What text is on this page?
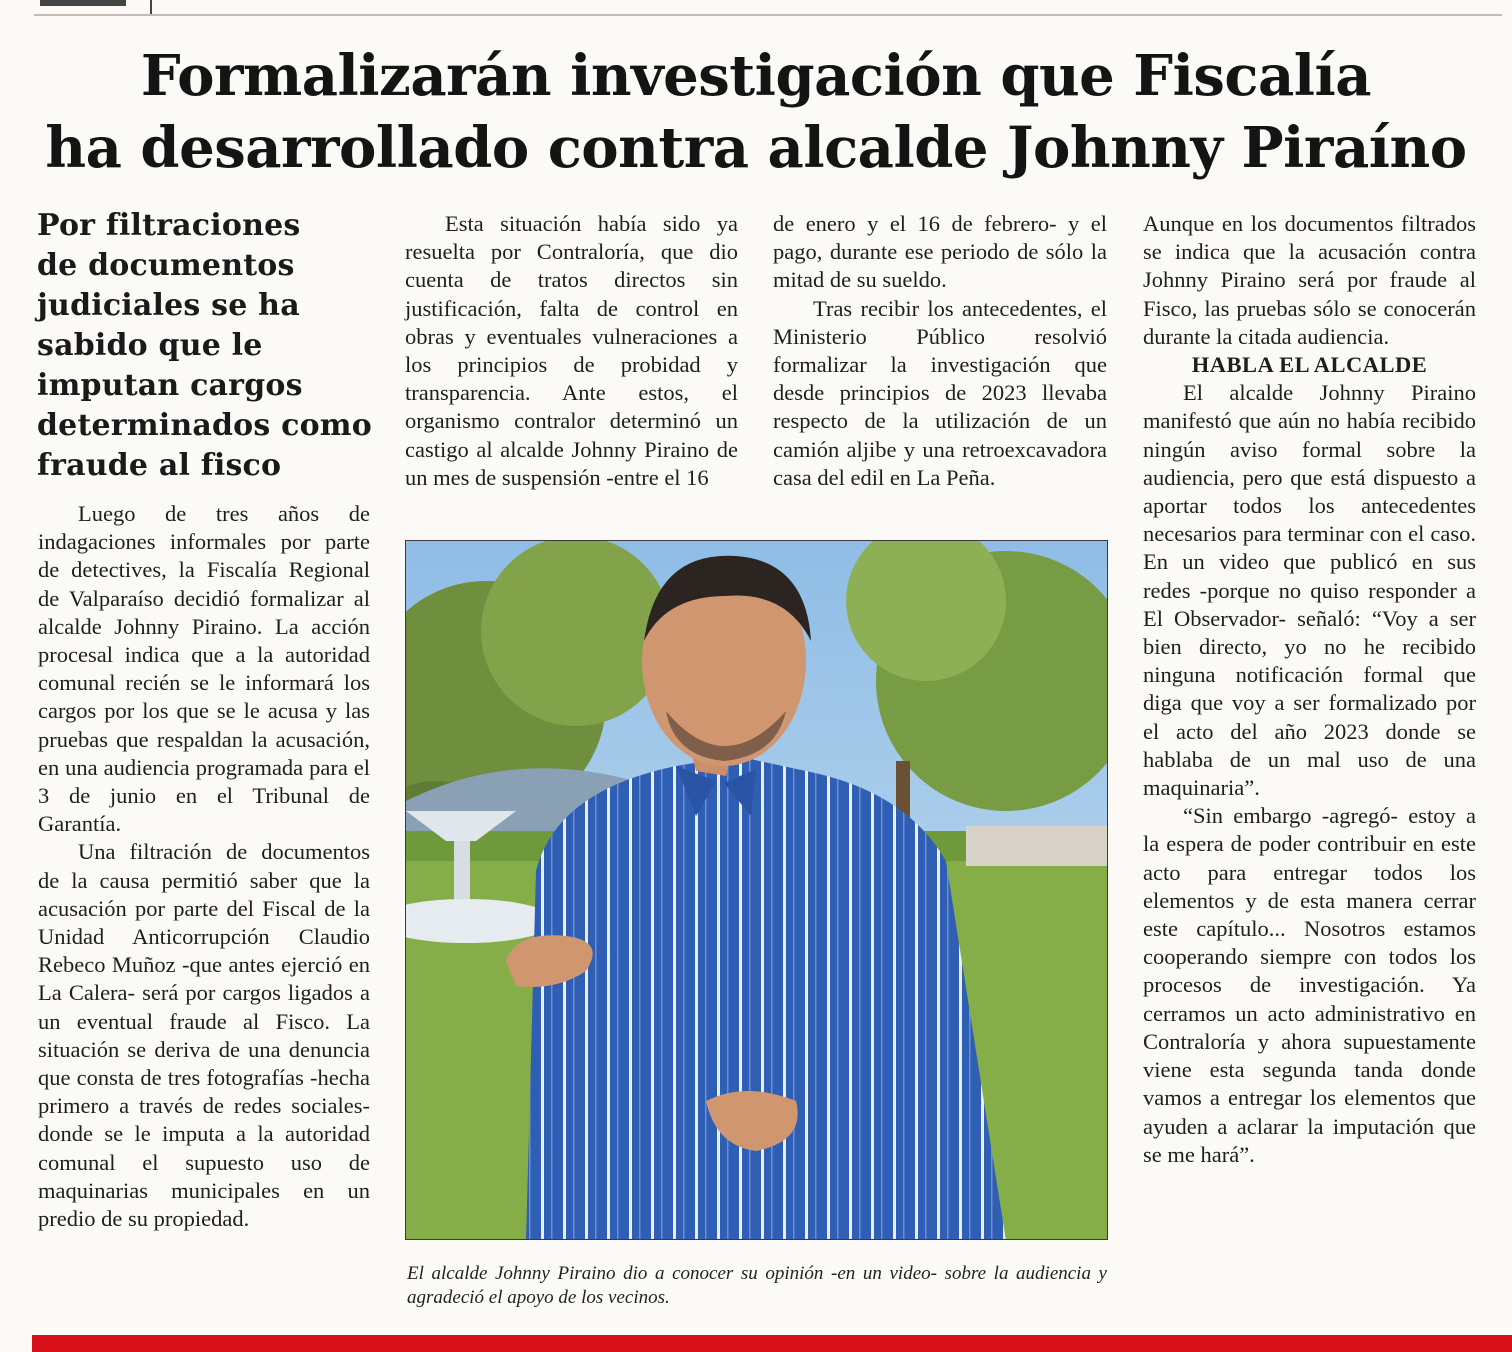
Formalizarán investigación que Fiscalía
ha desarrollado contra alcalde Johnny Piraíno
Por filtraciones
de documentos
judiciales se ha
sabido que le
imputan cargos
determinados como
fraude al fisco

Luego de tres años de indagaciones informales por parte de detectives, la Fiscalía Regional de Valparaíso decidió formalizar al alcalde Johnny Piraino. La acción procesal indica que a la autoridad comunal recién se le informará los cargos por los que se le acusa y las pruebas que respaldan la acusación, en una audiencia programada para el 3 de junio en el Tribunal de Garantía.

Una filtración de documentos de la causa permitió saber que la acusación por parte del Fiscal de la Unidad Anticorrupción Claudio Rebeco Muñoz -que antes ejerció en La Calera- será por cargos ligados a un eventual fraude al Fisco. La situación se deriva de una denuncia que consta de tres fotografías -hecha primero a través de redes sociales- donde se le imputa a la autoridad comunal el supuesto uso de maquinarias municipales en un predio de su propiedad.

Esta situación había sido ya resuelta por Contraloría, que dio cuenta de tratos directos sin justificación, falta de control en obras y eventuales vulneraciones a los principios de probidad y transparencia. Ante estos, el organismo contralor determinó un castigo al alcalde Johnny Piraino de un mes de suspensión -entre el 16

de enero y el 16 de febrero- y el pago, durante ese periodo de sólo la mitad de su sueldo.

Tras recibir los antecedentes, el Ministerio Público resolvió formalizar la investigación que desde principios de 2023 llevaba respecto de la utilización de un camión aljibe y una retroexcavadora casa del edil en La Peña.

Aunque en los documentos filtrados se indica que la acusación contra Johnny Piraino será por fraude al Fisco, las pruebas sólo se conocerán durante la citada audiencia.

HABLA EL ALCALDE

El alcalde Johnny Piraino manifestó que aún no había recibido ningún aviso formal sobre la audiencia, pero que está dispuesto a aportar todos los antecedentes necesarios para terminar con el caso. En un video que publicó en sus redes -porque no quiso responder a El Observador- señaló: “Voy a ser bien directo, yo no he recibido ninguna notificación formal que diga que voy a ser formalizado por el acto del año 2023 donde se hablaba de un mal uso de una maquinaria”.

“Sin embargo -agregó- estoy a la espera de poder contribuir en este acto para entregar todos los elementos y de esta manera cerrar este capítulo... Nosotros estamos cooperando siempre con todos los procesos de investigación. Ya cerramos un acto administrativo en Contraloría y ahora supuestamente viene esta segunda tanda donde vamos a entregar los elementos que ayuden a aclarar la imputación que se me hará”.

El alcalde Johnny Piraino dio a conocer su opinión -en un video- sobre la audiencia y agradeció el apoyo de los vecinos.
